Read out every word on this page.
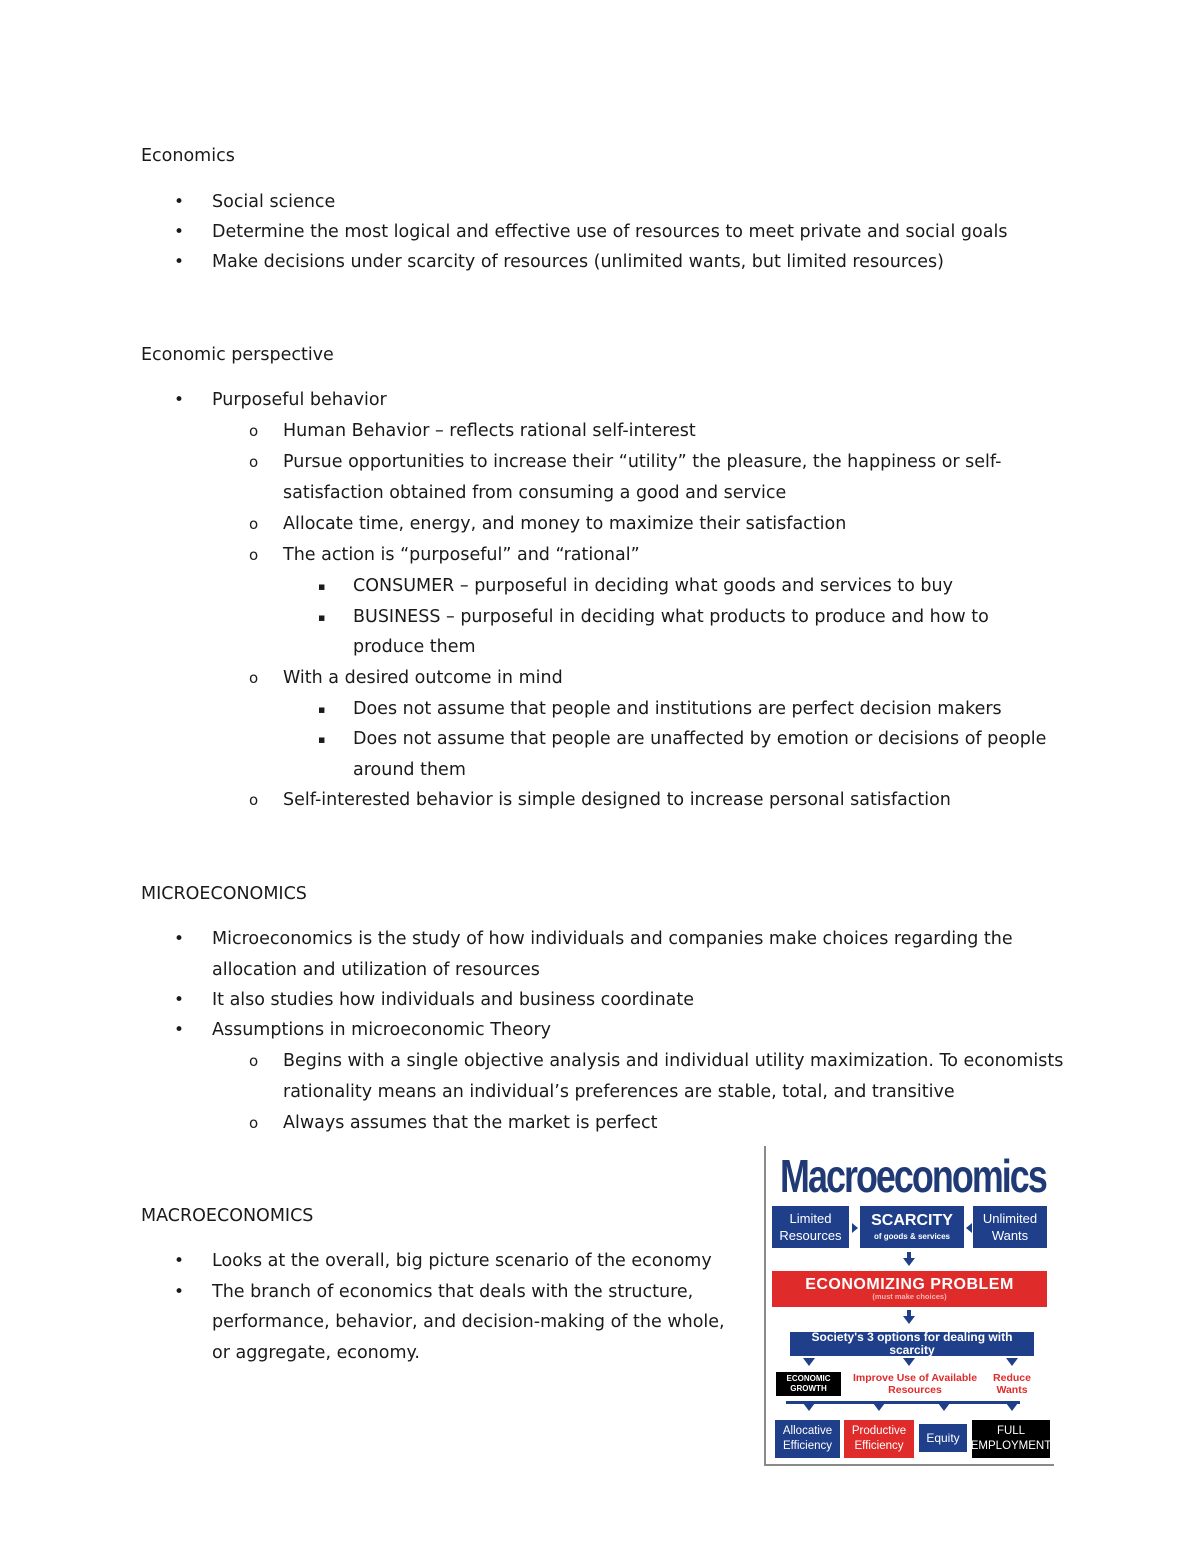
Economics
• Social science
• Determine the most logical and effective use of resources to meet private and social goals
• Make decisions under scarcity of resources (unlimited wants, but limited resources)
Economic perspective
• Purposeful behavior
o Human Behavior – reflects rational self-interest
o Pursue opportunities to increase their “utility” the pleasure, the happiness or self-
satisfaction obtained from consuming a good and service
o Allocate time, energy, and money to maximize their satisfaction
o The action is “purposeful” and “rational”
▪ CONSUMER – purposeful in deciding what goods and services to buy
▪ BUSINESS – purposeful in deciding what products to produce and how to
produce them
o With a desired outcome in mind
▪ Does not assume that people and institutions are perfect decision makers
▪ Does not assume that people are unaffected by emotion or decisions of people
around them
o Self-interested behavior is simple designed to increase personal satisfaction
MICROECONOMICS
• Microeconomics is the study of how individuals and companies make choices regarding the
allocation and utilization of resources
• It also studies how individuals and business coordinate
• Assumptions in microeconomic Theory
o Begins with a single objective analysis and individual utility maximization. To economists
rationality means an individual’s preferences are stable, total, and transitive
o Always assumes that the market is perfect
MACROECONOMICS
• Looks at the overall, big picture scenario of the economy
• The branch of economics that deals with the structure,
performance, behavior, and decision-making of the whole,
or aggregate, economy.
Macroeconomics
Limited Resources
SCARCITY
of goods & services
Unlimited Wants
ECONOMIZING PROBLEM
(must make choices)
Society's 3 options for dealing with scarcity
ECONOMIC GROWTH
Improve Use of Available Resources
Reduce Wants
Allocative Efficiency
Productive Efficiency
Equity	FULL EMPLOYMENT
